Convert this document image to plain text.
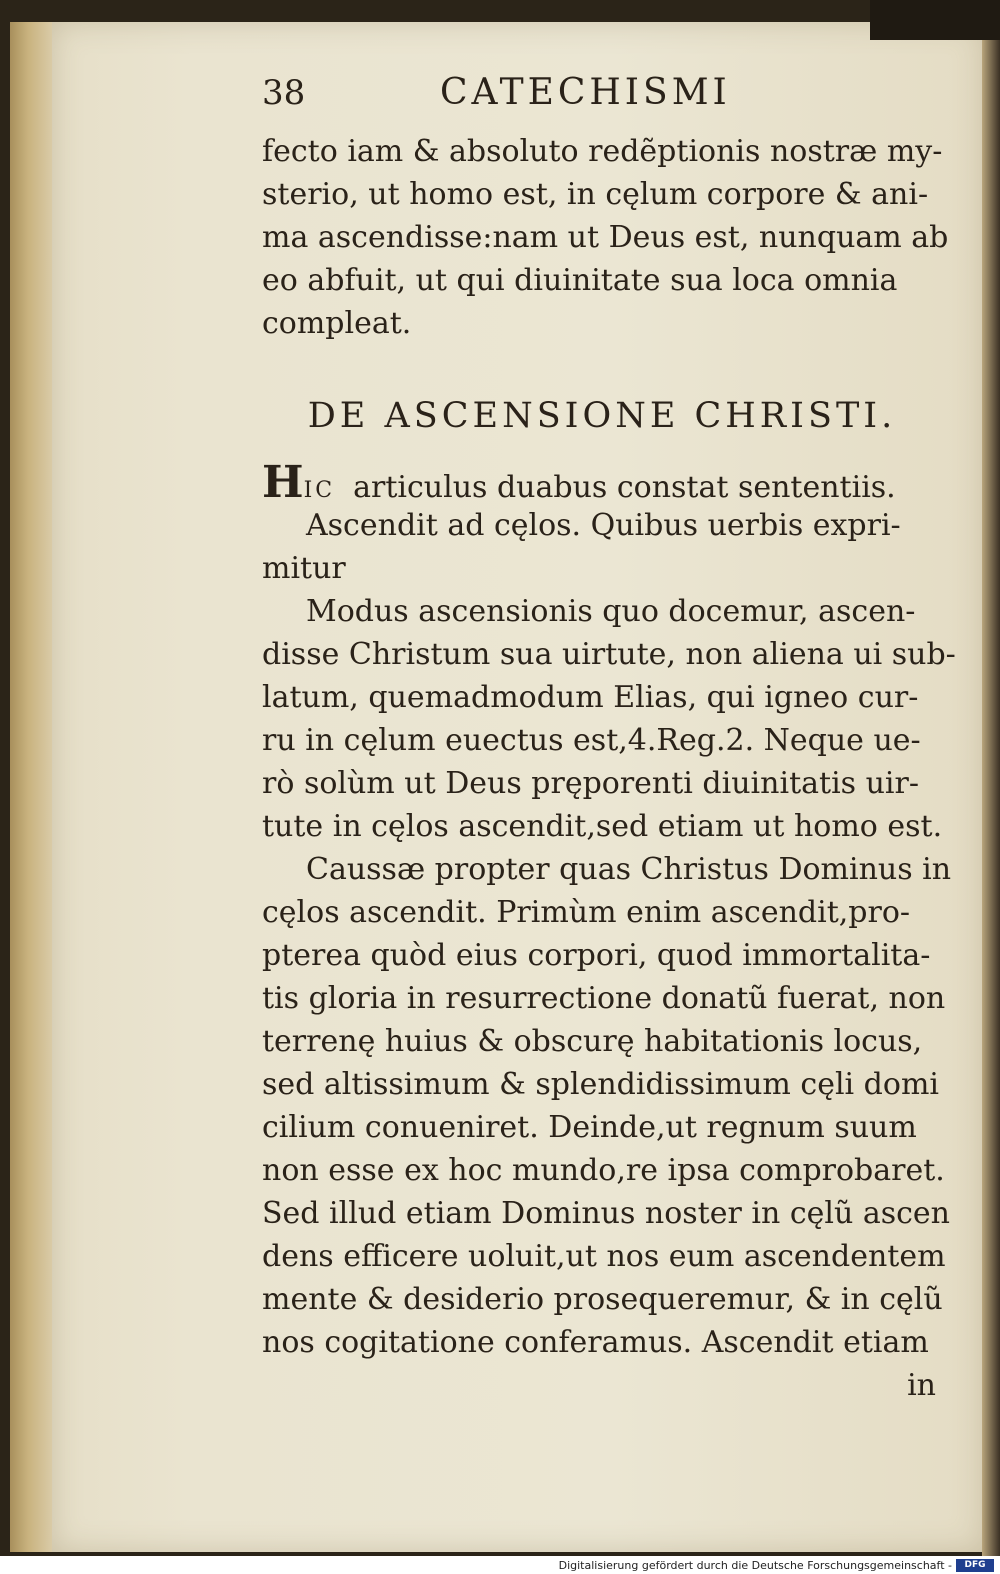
38	CATECHISMI
fecto iam & absoluto redẽptionis nostræ my-
sterio, ut homo est, in cęlum corpore & ani-
ma ascendisse:nam ut Deus est, nunquam ab
eo abfuit, ut qui diuinitate sua loca omnia
compleat.
DE ASCENSIONE CHRISTI.
HIC articulus duabus constat sententiis.
Ascendit ad cęlos. Quibus uerbis expri-
mitur
Modus ascensionis quo docemur, ascen-
disse Christum sua uirtute, non aliena ui sub-
latum, quemadmodum Elias, qui igneo cur-
ru in cęlum euectus est,4.Reg.2. Neque ue-
rò solùm ut Deus pręporenti diuinitatis uir-
tute in cęlos ascendit,sed etiam ut homo est.
Caussæ propter quas Christus Dominus in
cęlos ascendit. Primùm enim ascendit,pro-
pterea quòd eius corpori, quod immortalita-
tis gloria in resurrectione donatũ fuerat, non
terrenę huius & obscurę habitationis locus,
sed altissimum & splendidissimum cęli domi
cilium conueniret. Deinde,ut regnum suum
non esse ex hoc mundo,re ipsa comprobaret.
Sed illud etiam Dominus noster in cęlũ ascen
dens efficere uoluit,ut nos eum ascendentem
mente & desiderio prosequeremur, & in cęlũ
nos cogitatione conferamus. Ascendit etiam
in
Digitalisierung gefördert durch die Deutsche Forschungsgemeinschaft -	DFG
